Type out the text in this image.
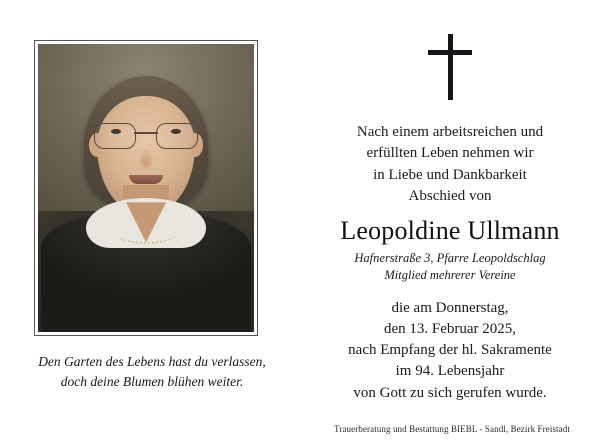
Den Garten des Lebens hast du verlassen,
doch deine Blumen blühen weiter.
Nach einem arbeitsreichen und
erfüllten Leben nehmen wir
in Liebe und Dankbarkeit
Abschied von
Leopoldine Ullmann
Hafnerstraße 3, Pfarre Leopoldschlag
Mitglied mehrerer Vereine
die am Donnerstag,
den 13. Februar 2025,
nach Empfang der hl. Sakramente
im 94. Lebensjahr
von Gott zu sich gerufen wurde.
Trauerberatung und Bestattung BIEBL - Sandl, Bezirk Freistadt
